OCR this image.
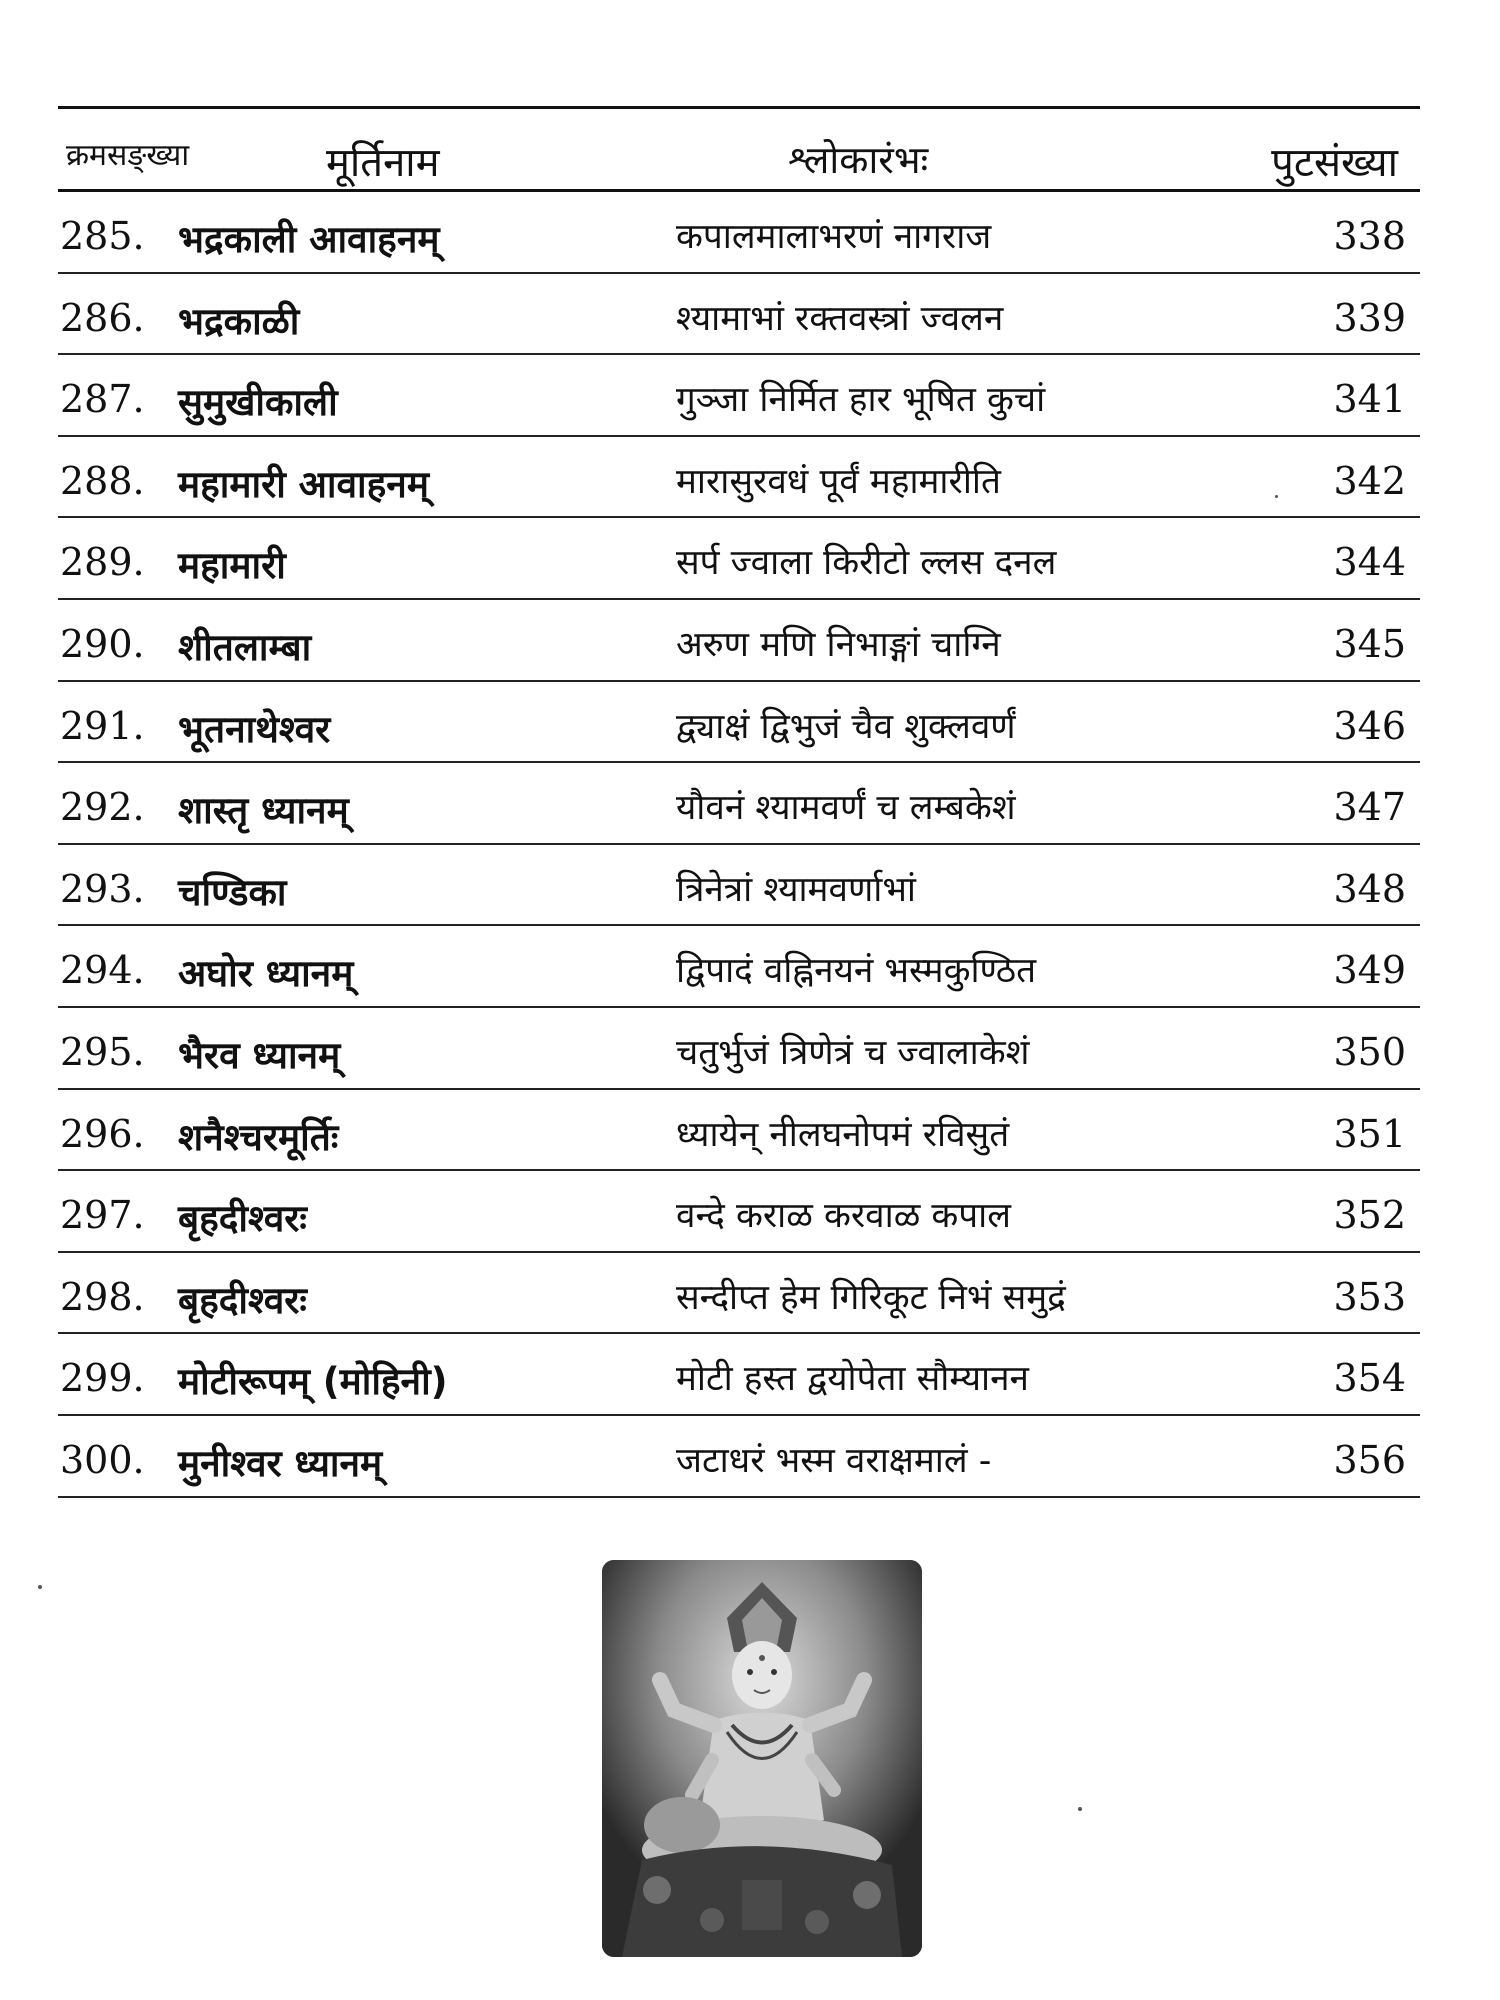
क्रमसङ्ख्या	मूर्तिनाम	श्लोकारंभः	पुटसंख्या
285. भद्रकाली आवाहनम्	कपालमालाभरणं नागराज	338
286. भद्रकाळी	श्यामाभां रक्तवस्त्रां ज्वलन	339
287. सुमुखीकाली	गुञ्जा निर्मित हार भूषित कुचां	341
288. महामारी आवाहनम्	मारासुरवधं पूर्वं महामारीति	342
289. महामारी	सर्प ज्वाला किरीटो ल्लस दनल	344
290. शीतलाम्बा	अरुण मणि निभाङ्गां चाग्नि	345
291. भूतनाथेश्वर	द्व्याक्षं द्विभुजं चैव शुक्लवर्णं	346
292. शास्तृ ध्यानम्	यौवनं श्यामवर्णं च लम्बकेशं	347
293. चण्डिका	त्रिनेत्रां श्यामवर्णाभां	348
294. अघोर ध्यानम्	द्विपादं वह्निनयनं भस्मकुण्ठित	349
295. भैरव ध्यानम्	चतुर्भुजं त्रिणेत्रं च ज्वालाकेशं	350
296. शनैश्चरमूर्तिः	ध्यायेन् नीलघनोपमं रविसुतं	351
297. बृहदीश्वरः	वन्दे कराळ करवाळ कपाल	352
298. बृहदीश्वरः	सन्दीप्त हेम गिरिकूट निभं समुद्रं	353
299. मोटीरूपम् (मोहिनी)	मोटी हस्त द्वयोपेता सौम्यानन	354
300. मुनीश्वर ध्यानम्	जटाधरं भस्म वराक्षमालं -	356
